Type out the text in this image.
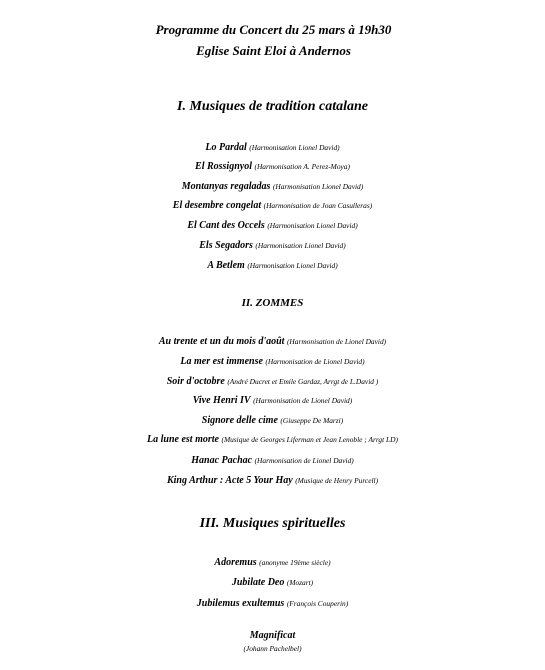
Programme du Concert du 25 mars à 19h30
Eglise Saint Eloi à Andernos
I. Musiques de tradition catalane
Lo Pardal (Harmonisation Lionel David)
El Rossignyol (Harmonisation A. Perez-Moya)
Montanyas regaladas (Harmonisation Lionel David)
El desembre congelat (Harmonisation de Joan Casulleras)
El Cant des Occels (Harmonisation Lionel David)
Els Segadors (Harmonisation Lionel David)
A Betlem (Harmonisation Lionel David)
II. ZOMMES
Au trente et un du mois d'août (Harmonisation de Lionel David)
La mer est immense (Harmonisation de Lionel David)
Soir d'octobre (André Ducret et Emile Gardaz, Arrgt de L.David )
Vive Henri IV (Harmonisation de Lionel David)
Signore delle cime (Giuseppe De Marzi)
La lune est morte (Musique de Georges Liferman et Jean Lenoble ; Arrgt LD)
Hanac Pachac (Harmonisation de Lionel David)
King Arthur : Acte 5 Your Hay (Musique de Henry Purcell)
III. Musiques spirituelles
Adoremus (anonyme 19ème siècle)
Jubilate Deo (Mozart)
Jubilemus exultemus (François Couperin)
Magnificat
(Johann Pachelbel)
